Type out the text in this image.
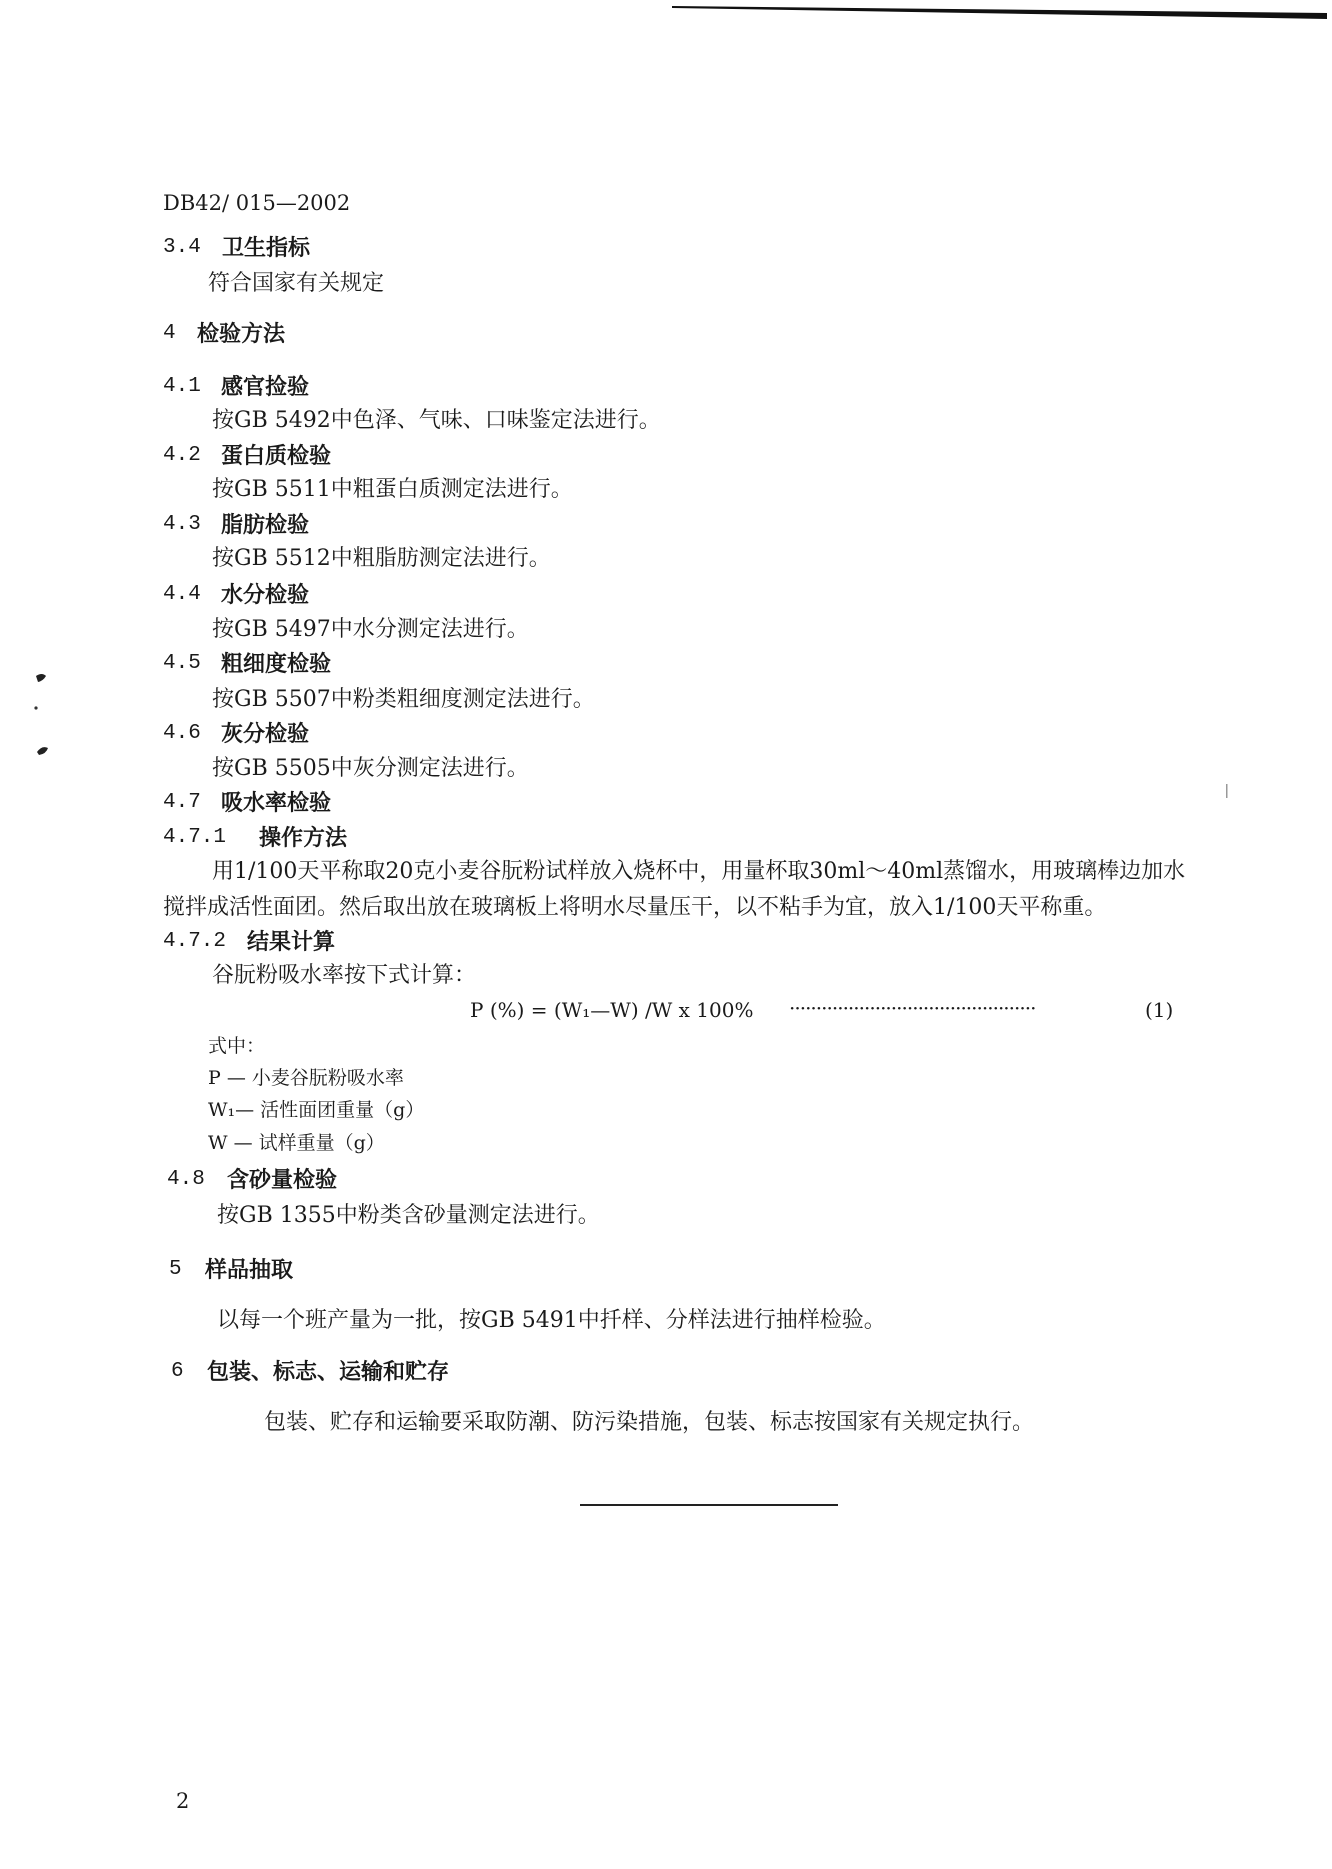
DB42/ 015—2002
3.4 卫生指标
符合国家有关规定
4 检验方法
4.1 感官捡验
按GB 5492中色泽、气味、口味鉴定法进行。
4.2 蛋白质检验
按GB 5511中粗蛋白质测定法进行。
4.3 脂肪检验
按GB 5512中粗脂肪测定法进行。
4.4 水分检验
按GB 5497中水分测定法进行。
4.5 粗细度检验
按GB 5507中粉类粗细度测定法进行。
4.6 灰分检验
按GB 5505中灰分测定法进行。
4.7 吸水率检验
4.7.1 操作方法
用1/100天平称取20克小麦谷朊粉试样放入烧杯中，用量杯取30ml～40ml蒸馏水，用玻璃棒边加水
搅拌成活性面团。然后取出放在玻璃板上将明水尽量压干，以不粘手为宜，放入1/100天平称重。
4.7.2 结果计算
谷朊粉吸水率按下式计算：
P (%) = (W₁—W) /W x 100% ··············································	(1)
式中：
P — 小麦谷朊粉吸水率
W₁— 活性面团重量（g）
W — 试样重量（g）
4.8 含砂量检验
按GB 1355中粉类含砂量测定法进行。
5 样品抽取
以每一个班产量为一批，按GB 5491中扦样、分样法进行抽样检验。
6 包装、标志、运输和贮存
包装、贮存和运输要采取防潮、防污染措施，包装、标志按国家有关规定执行。
2
